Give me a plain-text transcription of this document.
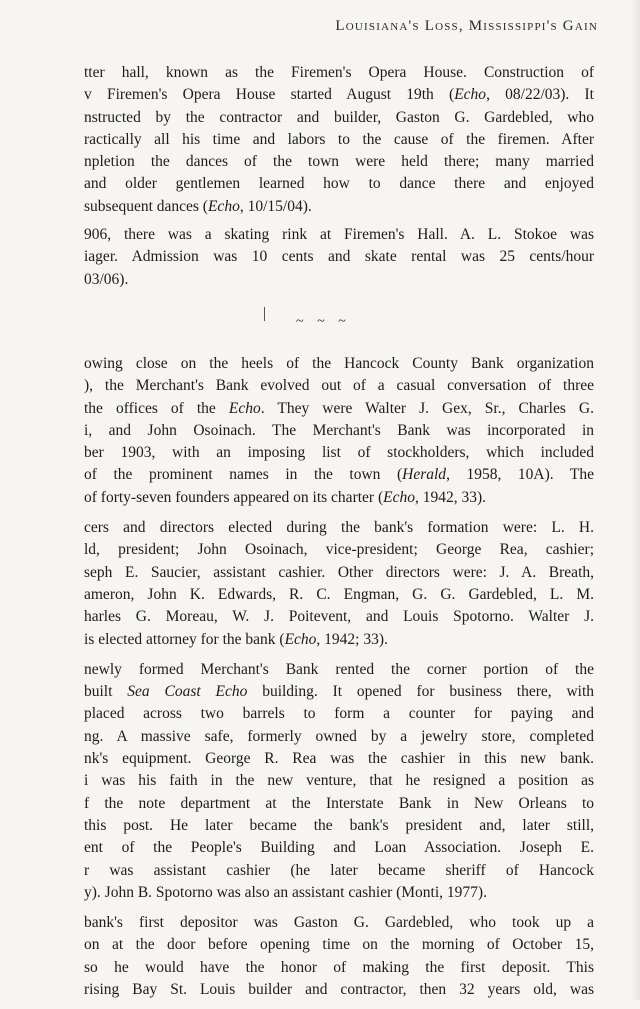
Louisiana's Loss, Mississippi's Gain
tter hall, known as the Firemen's Opera House. Construction of
v Firemen's Opera House started August 19th (Echo, 08/22/03). It
nstructed by the contractor and builder, Gaston G. Gardebled, who
ractically all his time and labors to the cause of the firemen. After
npletion the dances of the town were held there; many married
and older gentlemen learned how to dance there and enjoyed
subsequent dances (Echo, 10/15/04).
906, there was a skating rink at Firemen's Hall. A. L. Stokoe was
iager. Admission was 10 cents and skate rental was 25 cents/hour
03/06).
~ ~ ~
owing close on the heels of the Hancock County Bank organization
), the Merchant's Bank evolved out of a casual conversation of three
the offices of the Echo. They were Walter J. Gex, Sr., Charles G.
i, and John Osoinach. The Merchant's Bank was incorporated in
ber 1903, with an imposing list of stockholders, which included
of the prominent names in the town (Herald, 1958, 10A). The
of forty-seven founders appeared on its charter (Echo, 1942, 33).
cers and directors elected during the bank's formation were: L. H.
ld, president; John Osoinach, vice-president; George Rea, cashier;
seph E. Saucier, assistant cashier. Other directors were: J. A. Breath,
ameron, John K. Edwards, R. C. Engman, G. G. Gardebled, L. M.
harles G. Moreau, W. J. Poitevent, and Louis Spotorno. Walter J.
is elected attorney for the bank (Echo, 1942; 33).
newly formed Merchant's Bank rented the corner portion of the
built Sea Coast Echo building. It opened for business there, with
placed across two barrels to form a counter for paying and
ng. A massive safe, formerly owned by a jewelry store, completed
nk's equipment. George R. Rea was the cashier in this new bank.
i was his faith in the new venture, that he resigned a position as
f the note department at the Interstate Bank in New Orleans to
this post. He later became the bank's president and, later still,
ent of the People's Building and Loan Association. Joseph E.
r was assistant cashier (he later became sheriff of Hancock
y). John B. Spotorno was also an assistant cashier (Monti, 1977).
bank's first depositor was Gaston G. Gardebled, who took up a
on at the door before opening time on the morning of October 15,
so he would have the honor of making the first deposit. This
rising Bay St. Louis builder and contractor, then 32 years old, was
